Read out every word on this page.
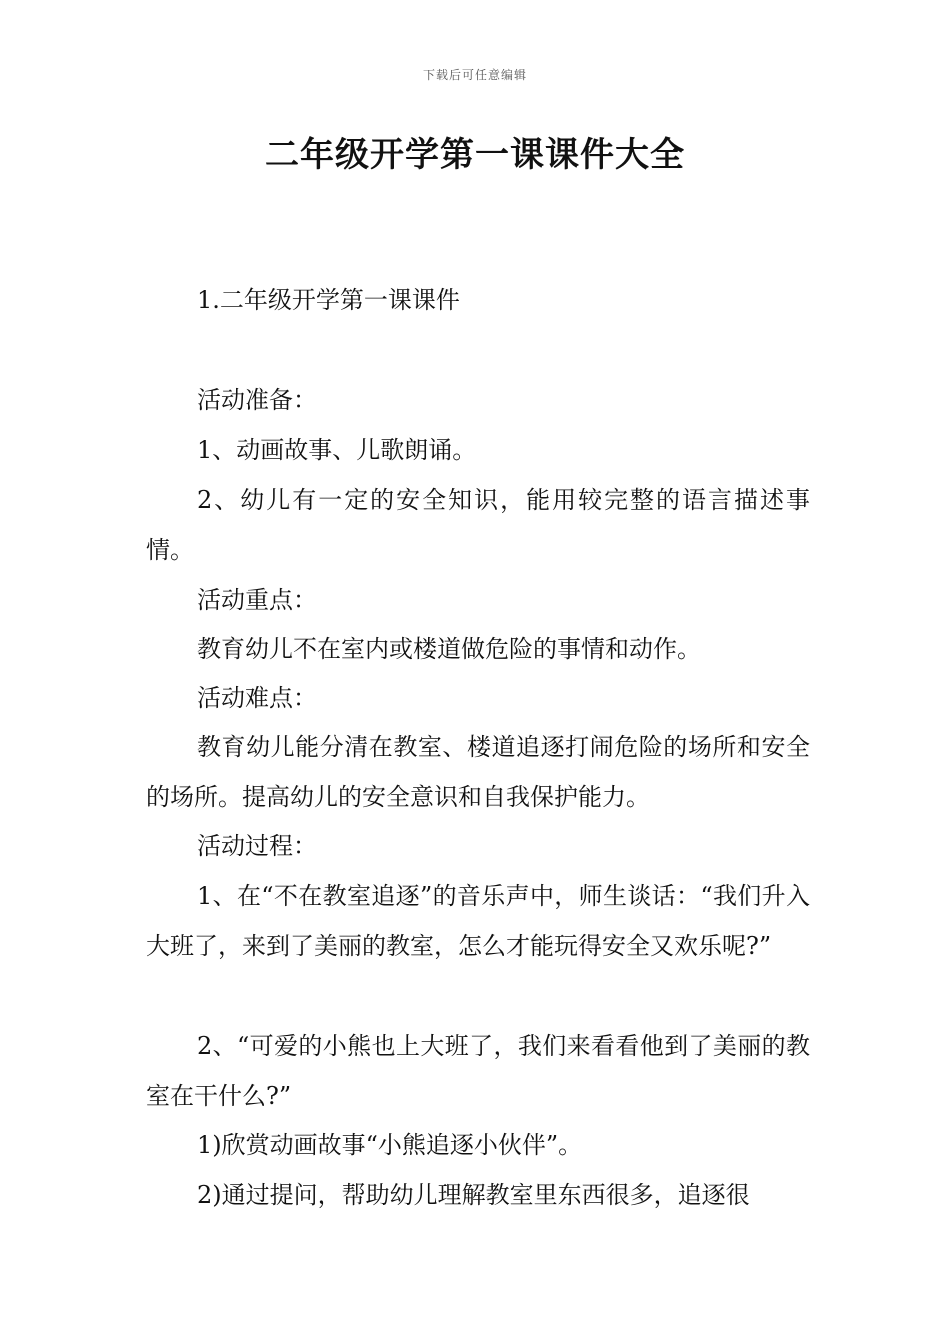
下载后可任意编辑
二年级开学第一课课件大全

1.二年级开学第一课课件

活动准备：

1、动画故事、儿歌朗诵。

2、幼儿有一定的安全知识，能用较完整的语言描述事情。

活动重点：

教育幼儿不在室内或楼道做危险的事情和动作。

活动难点：

教育幼儿能分清在教室、楼道追逐打闹危险的场所和安全的场所。提高幼儿的安全意识和自我保护能力。

活动过程：

1、在“不在教室追逐”的音乐声中，师生谈话：“我们升入大班了，来到了美丽的教室，怎么才能玩得安全又欢乐呢?”

2、“可爱的小熊也上大班了，我们来看看他到了美丽的教室在干什么?”

1)欣赏动画故事“小熊追逐小伙伴”。

2)通过提问，帮助幼儿理解教室里东西很多，追逐很
